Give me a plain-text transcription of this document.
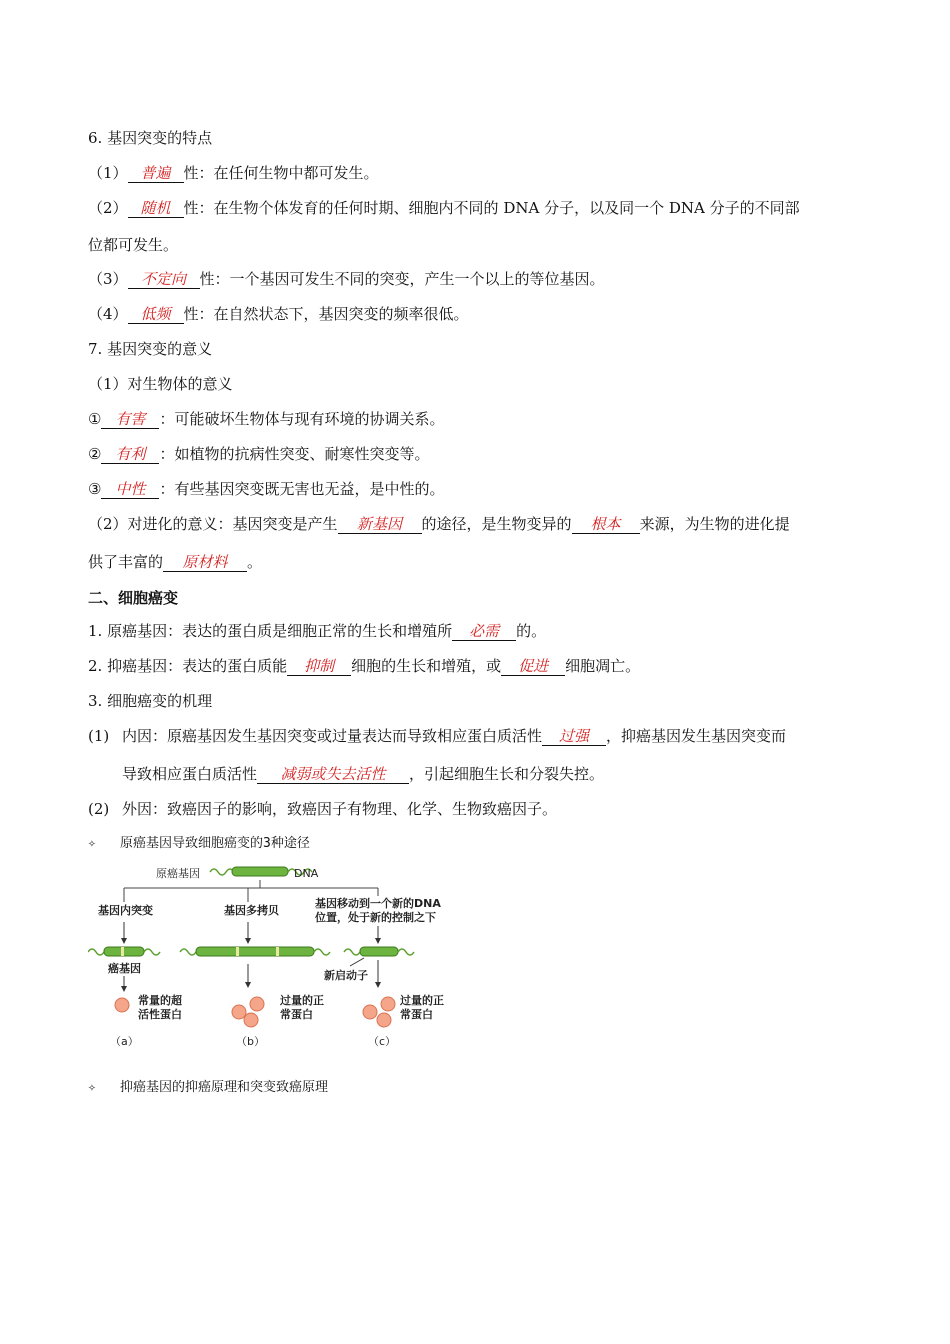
6. 基因突变的特点
（1） 普遍 性：在任何生物中都可发生。
（2） 随机 性：在生物个体发育的任何时期、细胞内不同的 DNA 分子，以及同一个 DNA 分子的不同部
位都可发生。
（3） 不定向 性：一个基因可发生不同的突变，产生一个以上的等位基因。
（4） 低频 性：在自然状态下，基因突变的频率很低。
7. 基因突变的意义
（1）对生物体的意义
① 有害 ：可能破坏生物体与现有环境的协调关系。
② 有利 ：如植物的抗病性突变、耐寒性突变等。
③ 中性 ：有些基因突变既无害也无益，是中性的。
（2）对进化的意义：基因突变是产生 新基因 的途径，是生物变异的 根本 来源，为生物的进化提
供了丰富的 原材料 。
二、细胞癌变
1. 原癌基因：表达的蛋白质是细胞正常的生长和增殖所 必需 的。
2. 抑癌基因：表达的蛋白质能 抑制 细胞的生长和增殖，或 促进 细胞凋亡。
3. 细胞癌变的机理
(1) 内因：原癌基因发生基因突变或过量表达而导致相应蛋白质活性 过强 ，抑癌基因发生基因突变而
导致相应蛋白质活性 减弱或失去活性 ，引起细胞生长和分裂失控。
(2) 外因：致癌因子的影响，致癌因子有物理、化学、生物致癌因子。
✧ 原癌基因导致细胞癌变的3种途径
原癌基因	DNA
基因内突变	基因多拷贝
基因移动到一个新的DNA
位置，处于新的控制之下
癌基因
新启动子
常量的超
活性蛋白
过量的正
常蛋白
过量的正
常蛋白
（a）	（b）	（c）
✧ 抑癌基因的抑癌原理和突变致癌原理
